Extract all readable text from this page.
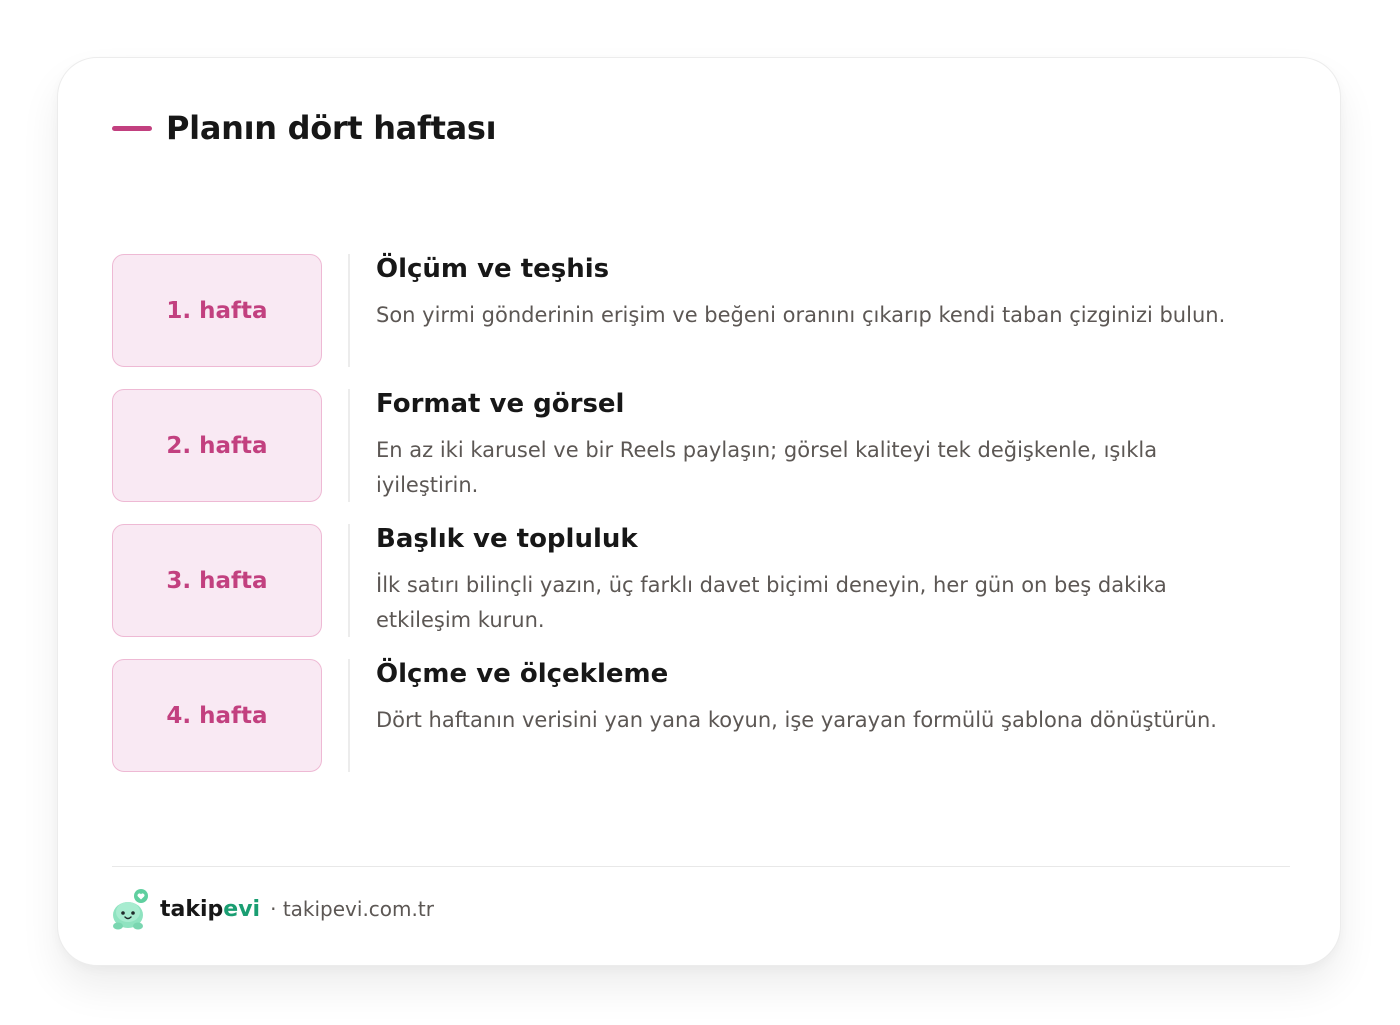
Planın dört haftası
1. hafta
Ölçüm ve teşhis
Son yirmi gönderinin erişim ve beğeni oranını çıkarıp kendi taban çizginizi bulun.
2. hafta
Format ve görsel
En az iki karusel ve bir Reels paylaşın; görsel kaliteyi tek değişkenle, ışıkla iyileştirin.
3. hafta
Başlık ve topluluk
İlk satırı bilinçli yazın, üç farklı davet biçimi deneyin, her gün on beş dakika etkileşim kurun.
4. hafta
Ölçme ve ölçekleme
Dört haftanın verisini yan yana koyun, işe yarayan formülü şablona dönüştürün.
takipevi · takipevi.com.tr
